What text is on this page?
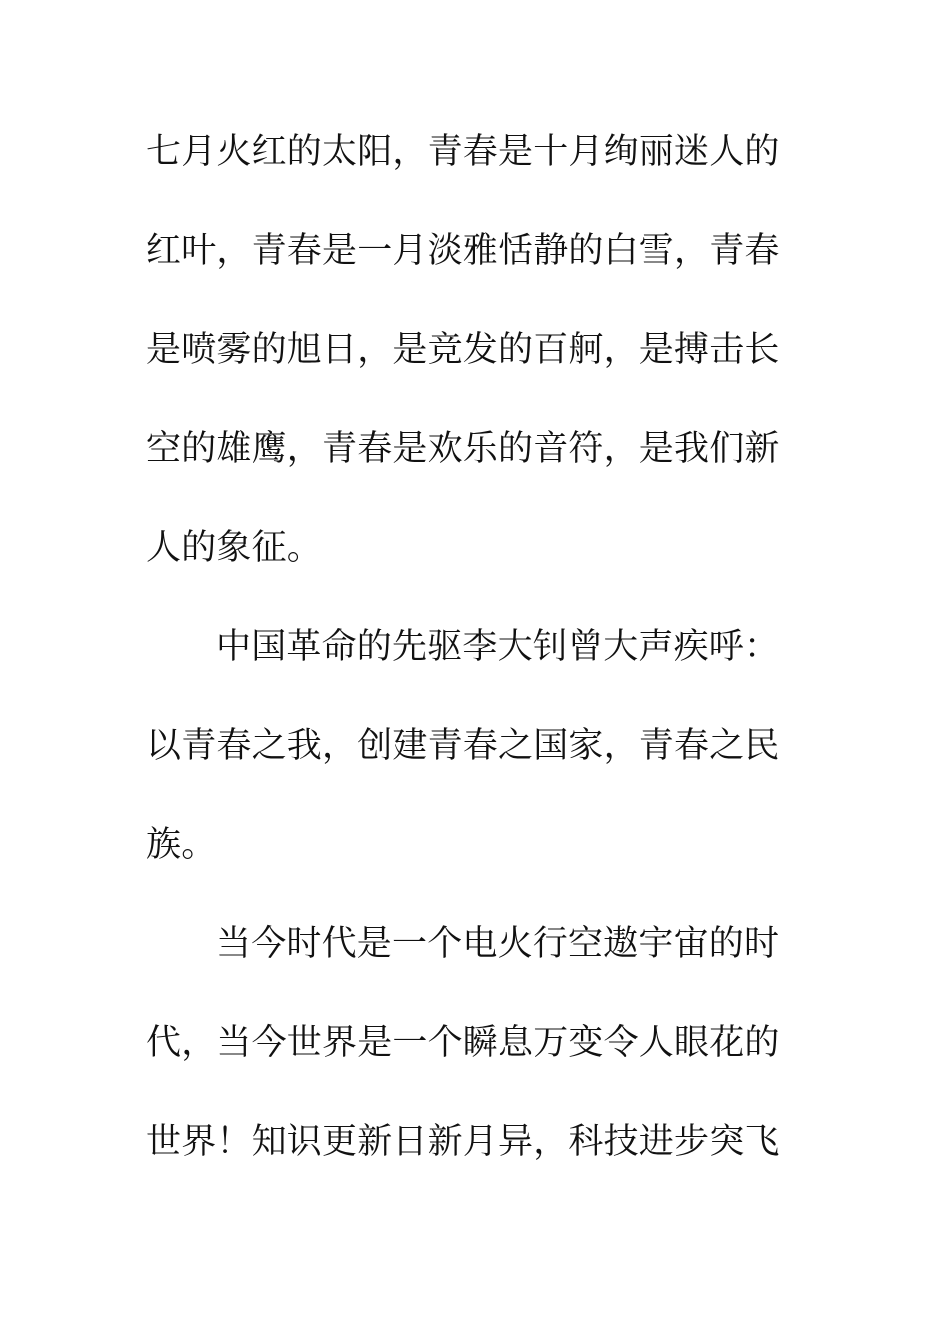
七月火红的太阳，青春是十月绚丽迷人的
红叶，青春是一月淡雅恬静的白雪，青春
是喷雾的旭日，是竞发的百舸，是搏击长
空的雄鹰，青春是欢乐的音符，是我们新
人的象征。
中国革命的先驱李大钊曾大声疾呼：
以青春之我，创建青春之国家，青春之民
族。
当今时代是一个电火行空遨宇宙的时
代，当今世界是一个瞬息万变令人眼花的
世界！知识更新日新月异，科技进步突飞
